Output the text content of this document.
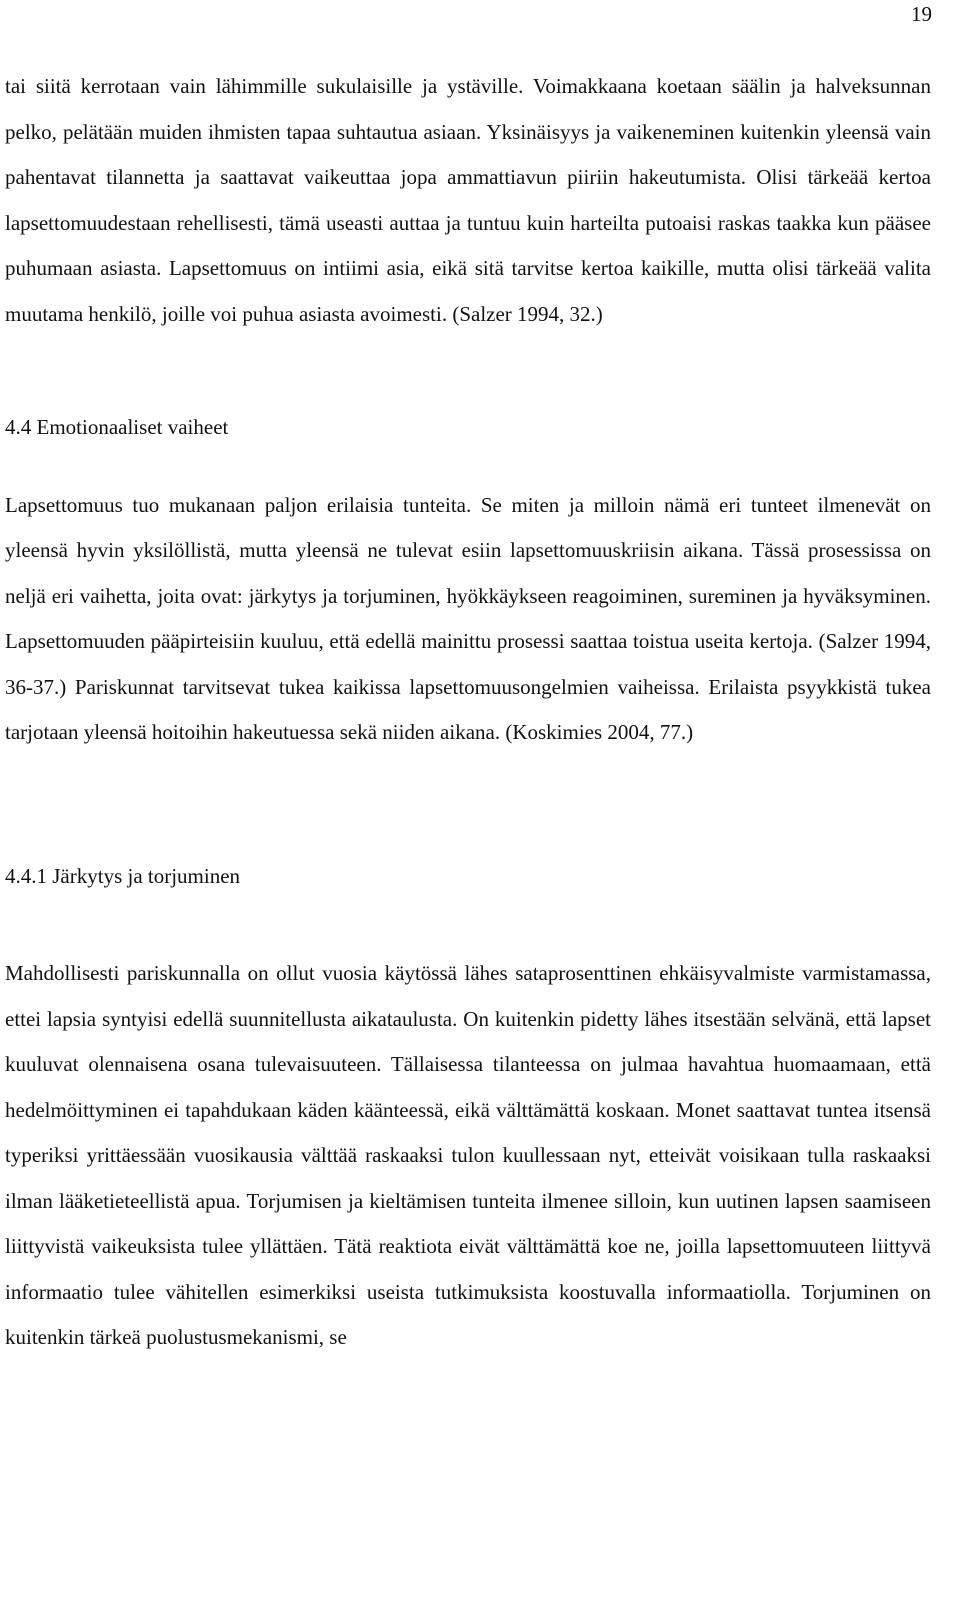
19

tai siitä kerrotaan vain lähimmille sukulaisille ja ystäville. Voimakkaana koetaan säälin ja halveksunnan pelko, pelätään muiden ihmisten tapaa suhtautua asiaan. Yksinäisyys ja vaikeneminen kuitenkin yleensä vain pahentavat tilannetta ja saattavat vaikeuttaa jopa ammattiavun piiriin hakeutumista. Olisi tärkeää kertoa lapsettomuudestaan rehellisesti, tämä useasti auttaa ja tuntuu kuin harteilta putoaisi raskas taakka kun pääsee puhumaan asiasta. Lapsettomuus on intiimi asia, eikä sitä tarvitse kertoa kaikille, mutta olisi tärkeää valita muutama henkilö, joille voi puhua asiasta avoimesti. (Salzer 1994, 32.)

4.4 Emotionaaliset vaiheet

Lapsettomuus tuo mukanaan paljon erilaisia tunteita. Se miten ja milloin nämä eri tunteet ilmenevät on yleensä hyvin yksilöllistä, mutta yleensä ne tulevat esiin lapsettomuuskriisin aikana. Tässä prosessissa on neljä eri vaihetta, joita ovat: järkytys ja torjuminen, hyökkäykseen reagoiminen, sureminen ja hyväksyminen. Lapsettomuuden pääpirteisiin kuuluu, että edellä mainittu prosessi saattaa toistua useita kertoja. (Salzer 1994, 36-37.) Pariskunnat tarvitsevat tukea kaikissa lapsettomuusongelmien vaiheissa. Erilaista psyykkistä tukea tarjotaan yleensä hoitoihin hakeutuessa sekä niiden aikana. (Koskimies 2004, 77.)

4.4.1 Järkytys ja torjuminen

Mahdollisesti pariskunnalla on ollut vuosia käytössä lähes sataprosenttinen ehkäisyvalmiste varmistamassa, ettei lapsia syntyisi edellä suunnitellusta aikataulusta. On kuitenkin pidetty lähes itsestään selvänä, että lapset kuuluvat olennaisena osana tulevaisuuteen. Tällaisessa tilanteessa on julmaa havahtua huomaamaan, että hedelmöittyminen ei tapahdukaan käden käänteessä, eikä välttämättä koskaan. Monet saattavat tuntea itsensä typeriksi yrittäessään vuosikausia välttää raskaaksi tulon kuullessaan nyt, etteivät voisikaan tulla raskaaksi ilman lääketieteellistä apua. Torjumisen ja kieltämisen tunteita ilmenee silloin, kun uutinen lapsen saamiseen liittyvistä vaikeuksista tulee yllättäen. Tätä reaktiota eivät välttämättä koe ne, joilla lapsettomuuteen liittyvä informaatio tulee vähitellen esimerkiksi useista tutkimuksista koostuvalla informaatiolla. Torjuminen on kuitenkin tärkeä puolustusmekanismi, se
